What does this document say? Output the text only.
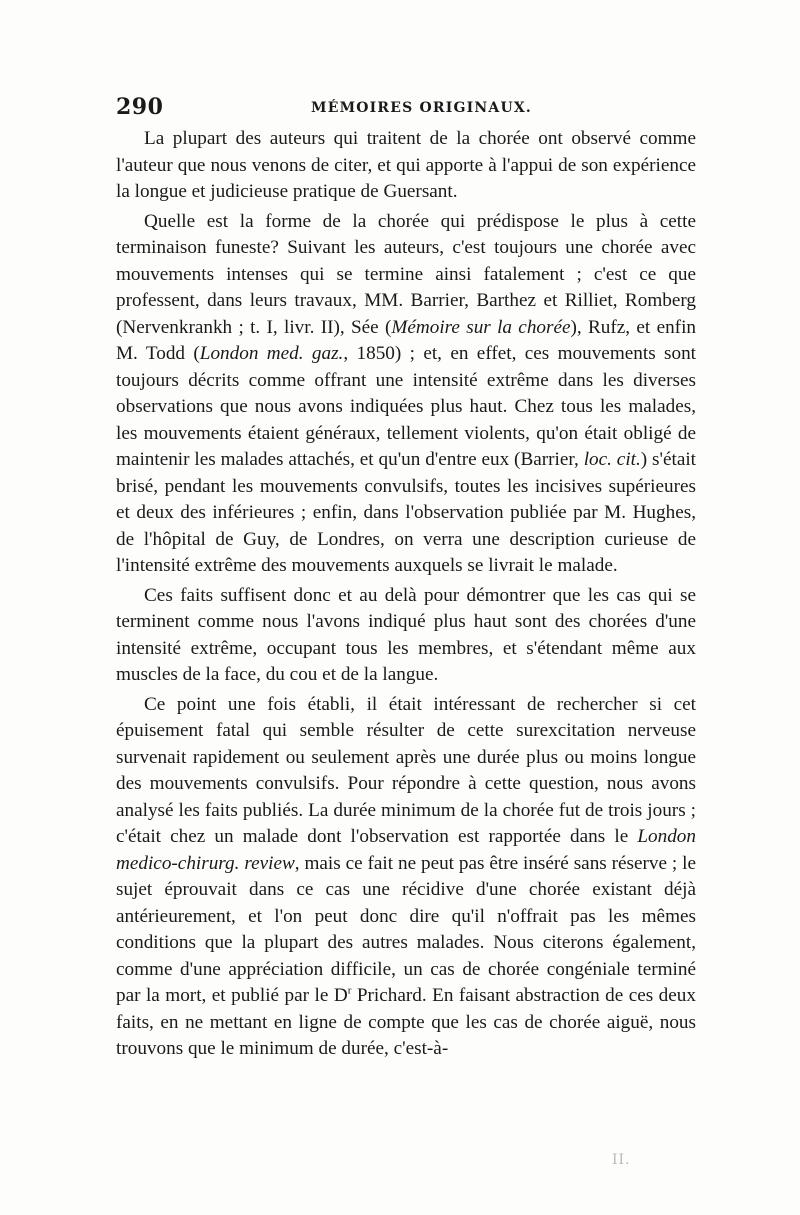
290	MÉMOIRES ORIGINAUX.

La plupart des auteurs qui traitent de la chorée ont observé comme l'auteur que nous venons de citer, et qui apporte à l'appui de son expérience la longue et judicieuse pratique de Guersant.

Quelle est la forme de la chorée qui prédispose le plus à cette terminaison funeste? Suivant les auteurs, c'est toujours une chorée avec mouvements intenses qui se termine ainsi fatalement ; c'est ce que professent, dans leurs travaux, MM. Barrier, Barthez et Rilliet, Romberg (Nervenkrankh ; t. I, livr. II), Sée (Mémoire sur la chorée), Rufz, et enfin M. Todd (London med. gaz., 1850) ; et, en effet, ces mouvements sont toujours décrits comme offrant une intensité extrême dans les diverses observations que nous avons indiquées plus haut. Chez tous les malades, les mouvements étaient généraux, tellement violents, qu'on était obligé de maintenir les malades attachés, et qu'un d'entre eux (Barrier, loc. cit.) s'était brisé, pendant les mouvements convulsifs, toutes les incisives supérieures et deux des inférieures ; enfin, dans l'observation publiée par M. Hughes, de l'hôpital de Guy, de Londres, on verra une description curieuse de l'intensité extrême des mouvements auxquels se livrait le malade.

Ces faits suffisent donc et au delà pour démontrer que les cas qui se terminent comme nous l'avons indiqué plus haut sont des chorées d'une intensité extrême, occupant tous les membres, et s'étendant même aux muscles de la face, du cou et de la langue.

Ce point une fois établi, il était intéressant de rechercher si cet épuisement fatal qui semble résulter de cette surexcitation nerveuse survenait rapidement ou seulement après une durée plus ou moins longue des mouvements convulsifs. Pour répondre à cette question, nous avons analysé les faits publiés. La durée minimum de la chorée fut de trois jours ; c'était chez un malade dont l'observation est rapportée dans le London medico-chirurg. review, mais ce fait ne peut pas être inséré sans réserve ; le sujet éprouvait dans ce cas une récidive d'une chorée existant déjà antérieurement, et l'on peut donc dire qu'il n'offrait pas les mêmes conditions que la plupart des autres malades. Nous citerons également, comme d'une appréciation difficile, un cas de chorée congéniale terminé par la mort, et publié par le $D^r$ Prichard. En faisant abstraction de ces deux faits, en ne mettant en ligne de compte que les cas de chorée aiguë, nous trouvons que le minimum de durée, c'est-à-

II.
